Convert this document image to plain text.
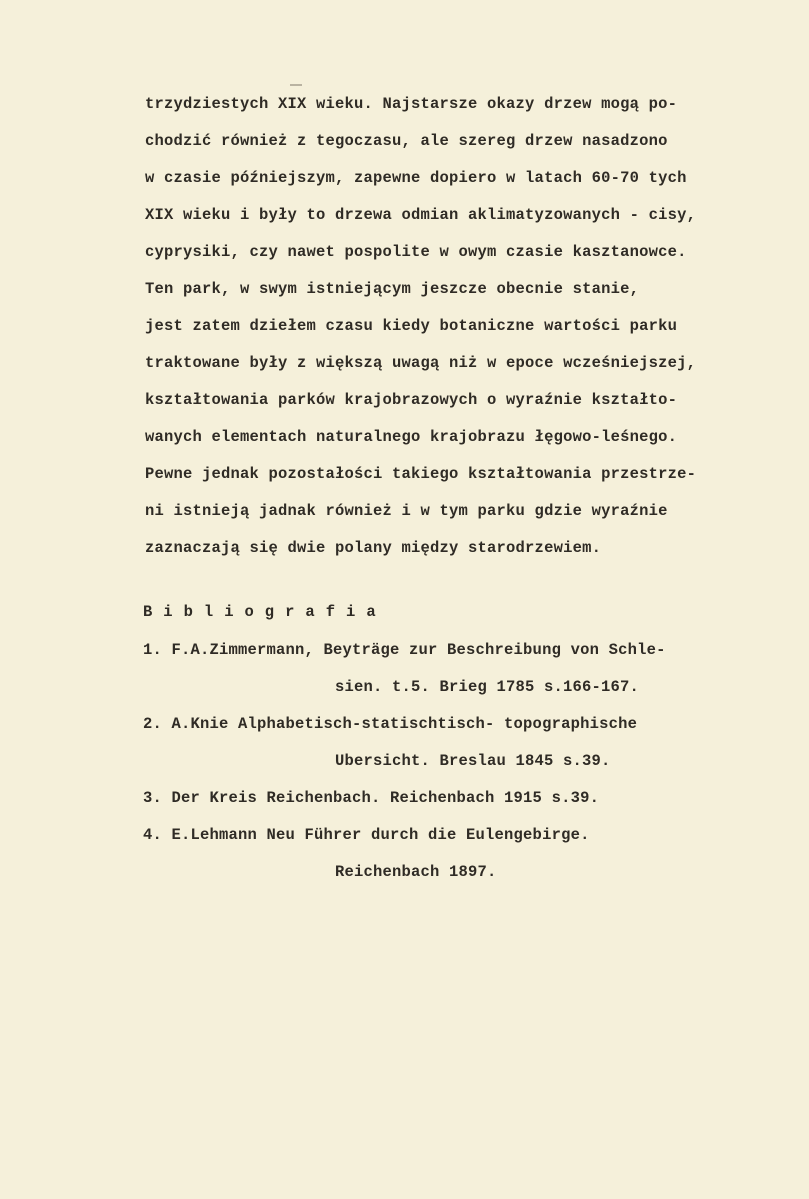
trzydziestych XIX wieku. Najstarsze okazy drzew mogą po-

chodzić również z tegoczasu, ale szereg drzew nasadzono

w czasie późniejszym, zapewne dopiero w latach 60-70 tych

XIX wieku i były to drzewa odmian aklimatyzowanych - cisy,

cyprysiki, czy nawet pospolite w owym czasie kasztanowce.

Ten park, w swym istniejącym jeszcze obecnie stanie,

jest zatem dziełem czasu kiedy botaniczne wartości parku

traktowane były z większą uwagą niż w epoce wcześniejszej,

kształtowania parków krajobrazowych o wyraźnie kształto-

wanych elementach naturalnego krajobrazu łęgowo-leśnego.

Pewne jednak pozostałości takiego kształtowania przestrze-

ni istnieją jadnak również i w tym parku gdzie wyraźnie

zaznaczają się dwie polany między starodrzewiem.

Bibliografia

1. F.A.Zimmermann, Beyträge zur Beschreibung von Schle-

sien. t.5. Brieg 1785 s.166-167.

2. A.Knie Alphabetisch-statischtisch- topographische

Ubersicht. Breslau 1845 s.39.

3. Der Kreis Reichenbach. Reichenbach 1915 s.39.

4. E.Lehmann Neu Führer durch die Eulengebirge.

Reichenbach 1897.
